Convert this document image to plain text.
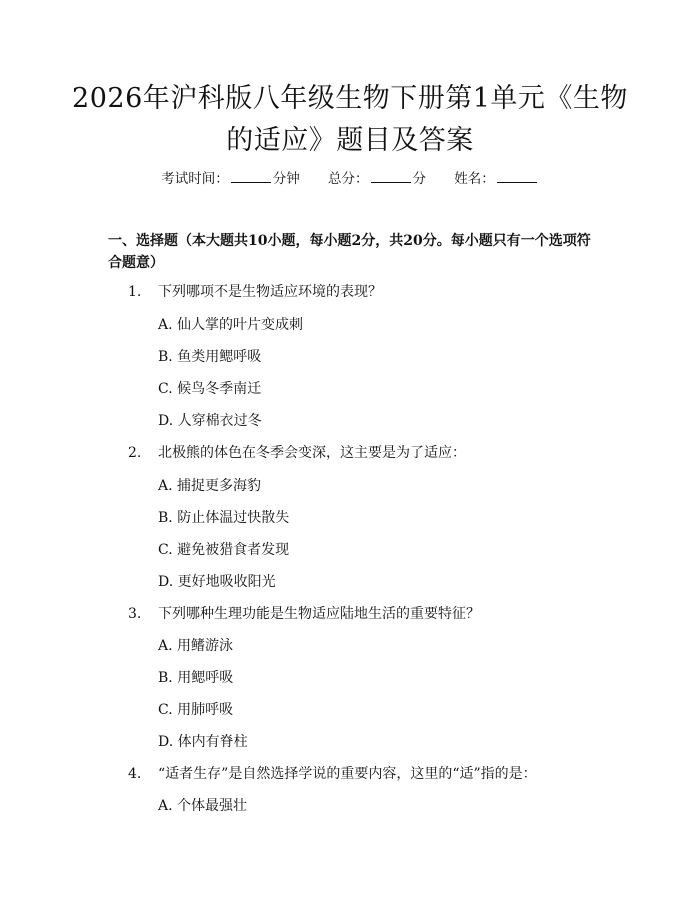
2026年沪科版八年级生物下册第1单元《生物的适应》题目及答案
考试时间：	分钟 总分：	分 姓名：
一、选择题（本大题共10小题，每小题2分，共20分。每小题只有一个选项符合题意）
1. 下列哪项不是生物适应环境的表现？
A. 仙人掌的叶片变成刺
B. 鱼类用鳃呼吸
C. 候鸟冬季南迁
D. 人穿棉衣过冬
2. 北极熊的体色在冬季会变深，这主要是为了适应：
A. 捕捉更多海豹
B. 防止体温过快散失
C. 避免被猎食者发现
D. 更好地吸收阳光
3. 下列哪种生理功能是生物适应陆地生活的重要特征？
A. 用鳍游泳
B. 用鳃呼吸
C. 用肺呼吸
D. 体内有脊柱
4. “适者生存”是自然选择学说的重要内容，这里的“适”指的是：
A. 个体最强壮
